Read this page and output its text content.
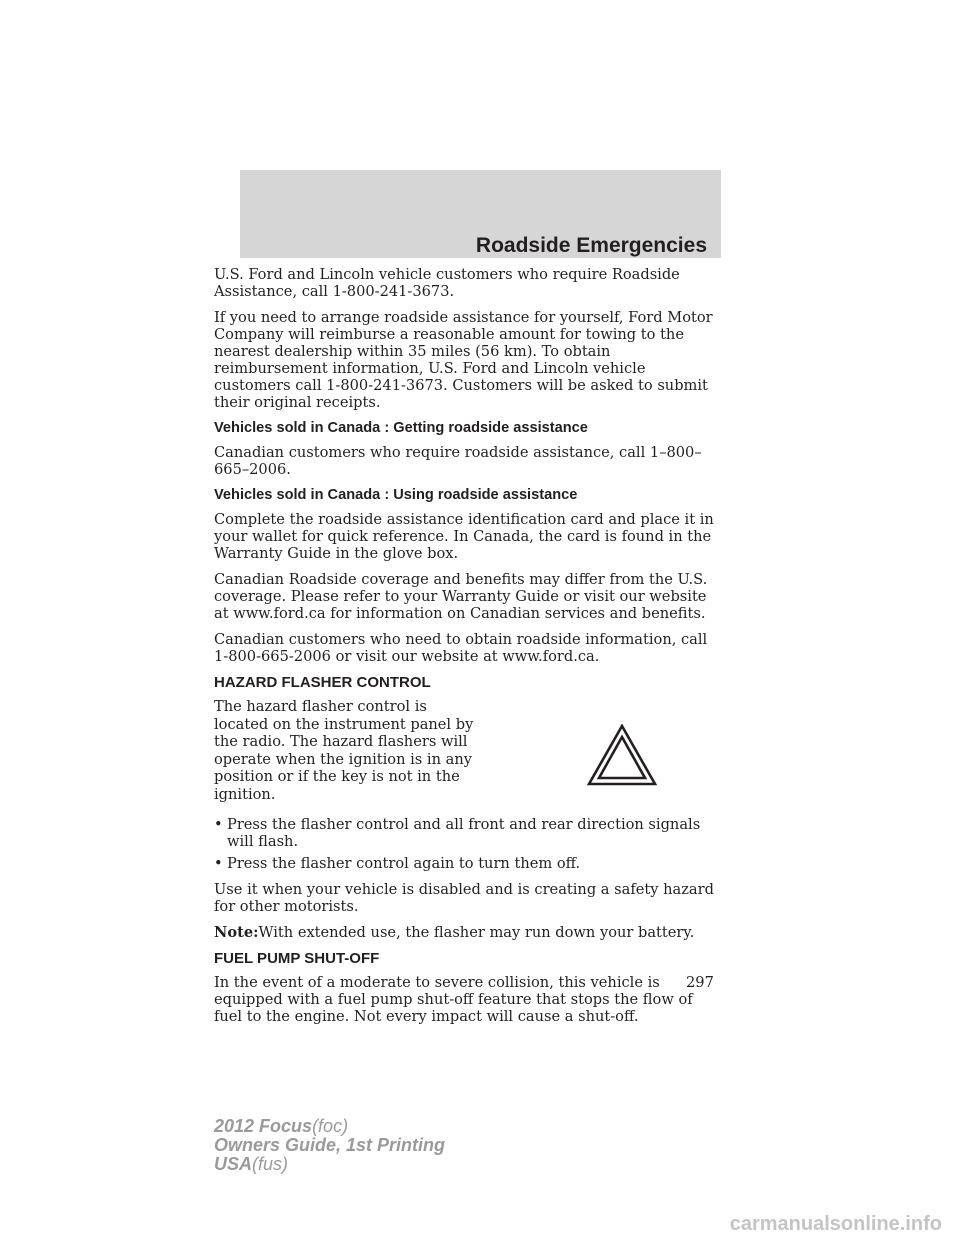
Roadside Emergencies

U.S. Ford and Lincoln vehicle customers who require Roadside Assistance, call 1-800-241-3673.

If you need to arrange roadside assistance for yourself, Ford Motor Company will reimburse a reasonable amount for towing to the nearest dealership within 35 miles (56 km). To obtain reimbursement information, U.S. Ford and Lincoln vehicle customers call 1-800-241-3673. Customers will be asked to submit their original receipts.

Vehicles sold in Canada : Getting roadside assistance

Canadian customers who require roadside assistance, call 1–800–665–2006.

Vehicles sold in Canada : Using roadside assistance

Complete the roadside assistance identification card and place it in your wallet for quick reference. In Canada, the card is found in the Warranty Guide in the glove box.

Canadian Roadside coverage and benefits may differ from the U.S. coverage. Please refer to your Warranty Guide or visit our website at www.ford.ca for information on Canadian services and benefits.

Canadian customers who need to obtain roadside information, call 1-800-665-2006 or visit our website at www.ford.ca.

HAZARD FLASHER CONTROL

The hazard flasher control is located on the instrument panel by the radio. The hazard flashers will operate when the ignition is in any position or if the key is not in the ignition.

• Press the flasher control and all front and rear direction signals will flash.
• Press the flasher control again to turn them off.

Use it when your vehicle is disabled and is creating a safety hazard for other motorists.

Note:With extended use, the flasher may run down your battery.

FUEL PUMP SHUT-OFF

In the event of a moderate to severe collision, this vehicle is equipped with a fuel pump shut-off feature that stops the flow of fuel to the engine. Not every impact will cause a shut-off.

297
2012 Focus(foc)
Owners Guide, 1st Printing
USA(fus)
carmanualsonline.info
